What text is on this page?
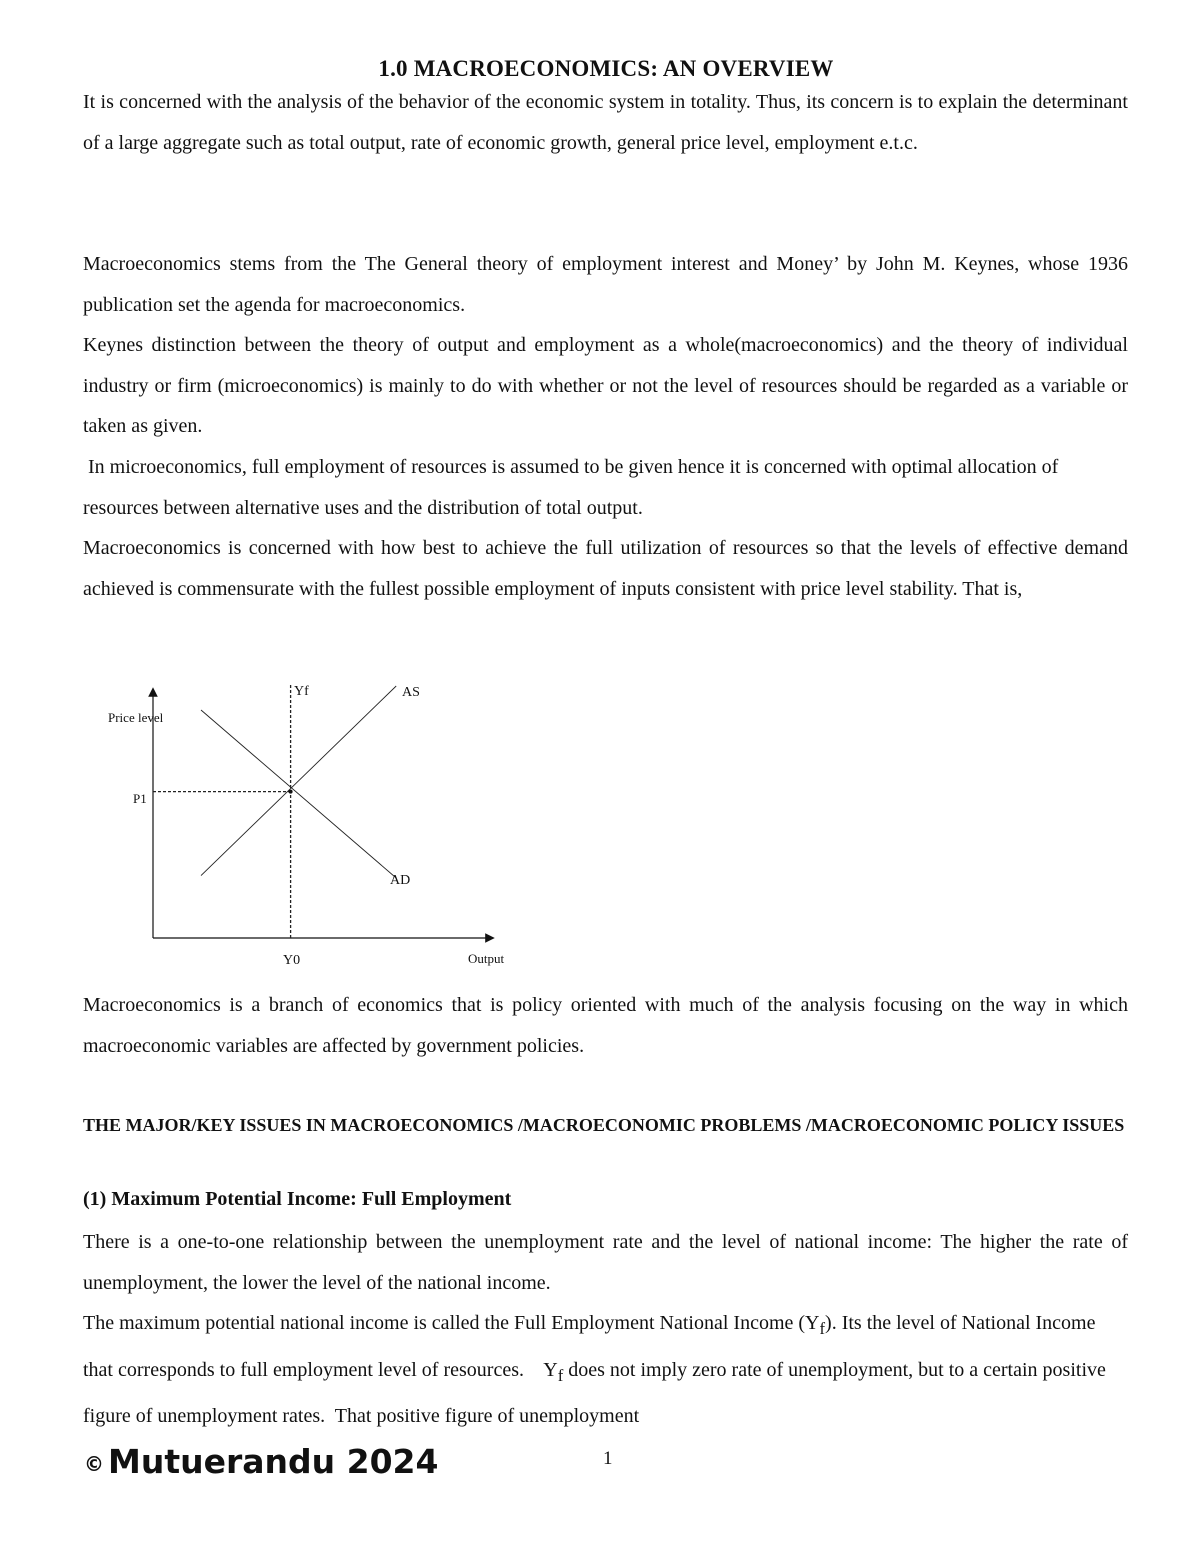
1.0 MACROECONOMICS: AN OVERVIEW

It is concerned with the analysis of the behavior of the economic system in totality. Thus, its concern is to explain the determinant of a large aggregate such as total output, rate of economic growth, general price level, employment e.t.c.

Macroeconomics stems from the The General theory of employment interest and Money’ by John M. Keynes, whose 1936 publication set the agenda for macroeconomics.

Keynes distinction between the theory of output and employment as a whole(macroeconomics) and the theory of individual industry or firm (microeconomics) is mainly to do with whether or not the level of resources should be regarded as a variable or taken as given.

In microeconomics, full employment of resources is assumed to be given hence it is concerned with optimal allocation of resources between alternative uses and the distribution of total output.

Macroeconomics is concerned with how best to achieve the full utilization of resources so that the levels of effective demand achieved is commensurate with the fullest possible employment of inputs consistent with price level stability. That is,

Price level
Output
AS
AD
Yf
P1
Y0

Macroeconomics is a branch of economics that is policy oriented with much of the analysis focusing on the way in which macroeconomic variables are affected by government policies.

THE MAJOR/KEY ISSUES IN MACROECONOMICS /MACROECONOMIC PROBLEMS /MACROECONOMIC POLICY ISSUES

(1) Maximum Potential Income: Full Employment

There is a one-to-one relationship between the unemployment rate and the level of national income: The higher the rate of unemployment, the lower the level of the national income.

The maximum potential national income is called the Full Employment National Income $(Y_f)$. Its the level of National Income that corresponds to full employment level of resources.    $Y_f$ does not imply zero rate of unemployment, but to a certain positive figure of unemployment rates.  That positive figure of unemployment

© Mutuerandu 2024	1
